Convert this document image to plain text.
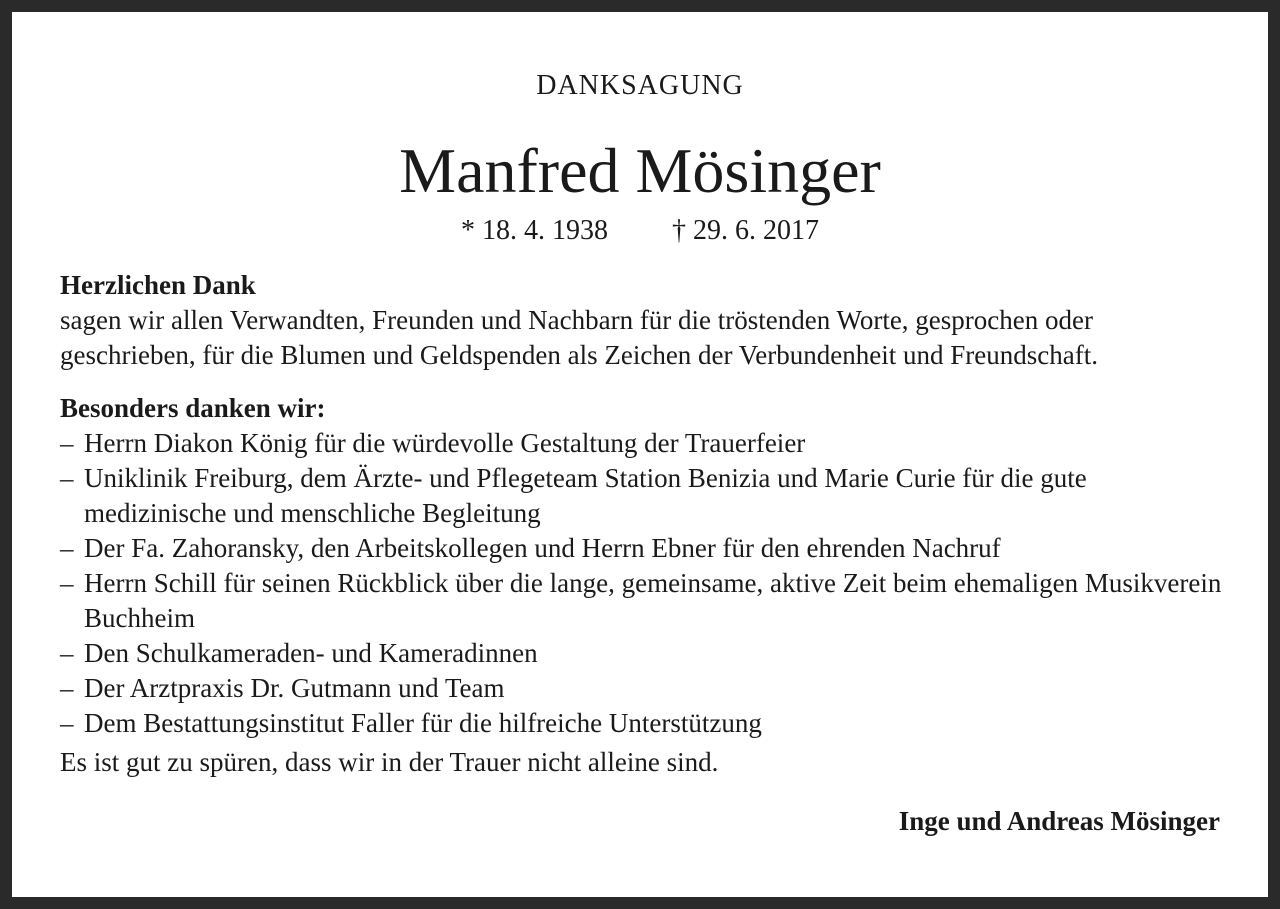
DANKSAGUNG
Manfred Mösinger
* 18. 4. 1938 † 29. 6. 2017

Herzlichen Dank

sagen wir allen Verwandten, Freunden und Nachbarn für die tröstenden Worte, gesprochen oder geschrieben, für die Blumen und Geldspenden als Zeichen der Verbundenheit und Freundschaft.

Besonders danken wir:

– Herrn Diakon König für die würdevolle Gestaltung der Trauerfeier
– Uniklinik Freiburg, dem Ärzte- und Pflegeteam Station Benizia und Marie Curie für die gute medizinische und menschliche Begleitung
– Der Fa. Zahoransky, den Arbeitskollegen und Herrn Ebner für den ehrenden Nachruf
– Herrn Schill für seinen Rückblick über die lange, gemeinsame, aktive Zeit beim ehemaligen Musikverein Buchheim
– Den Schulkameraden- und Kameradinnen
– Der Arztpraxis Dr. Gutmann und Team
– Dem Bestattungsinstitut Faller für die hilfreiche Unterstützung

Es ist gut zu spüren, dass wir in der Trauer nicht alleine sind.

Inge und Andreas Mösinger
